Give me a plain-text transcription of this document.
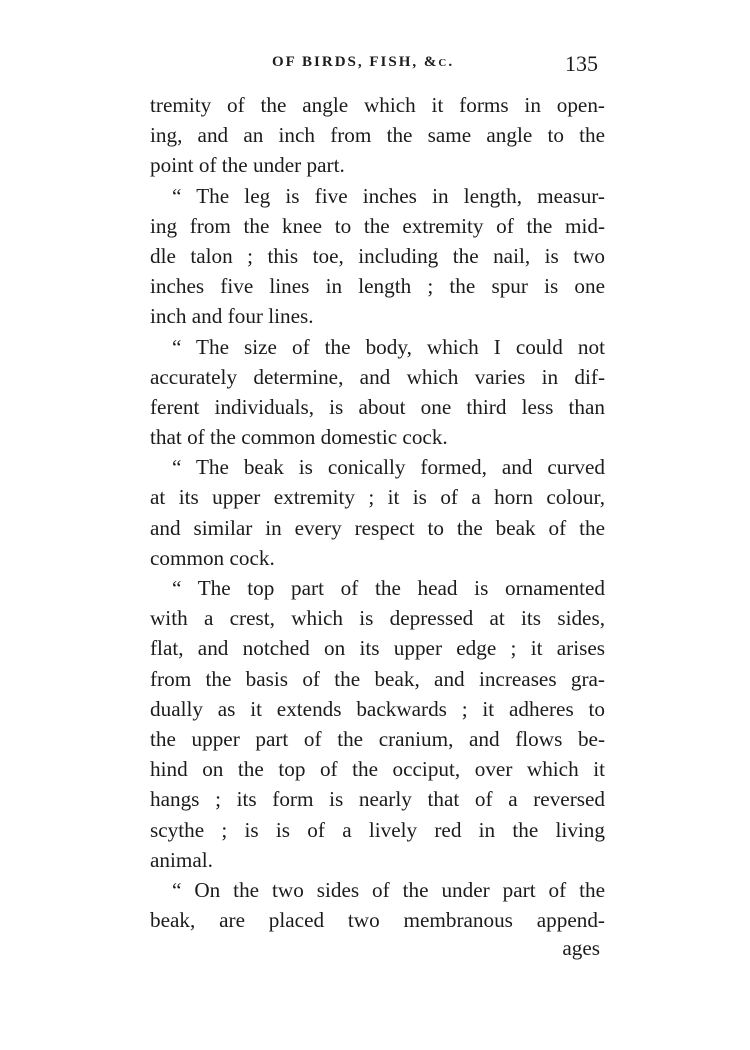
OF BIRDS, FISH, &c.	135
tremity of the angle which it forms in open-
ing, and an inch from the same angle to the
point of the under part.
“ The leg is five inches in length, measur-
ing from the knee to the extremity of the mid-
dle talon ; this toe, including the nail, is two
inches five lines in length ; the spur is one
inch and four lines.
“ The size of the body, which I could not
accurately determine, and which varies in dif-
ferent individuals, is about one third less than
that of the common domestic cock.
“ The beak is conically formed, and curved
at its upper extremity ; it is of a horn colour,
and similar in every respect to the beak of the
common cock.
“ The top part of the head is ornamented
with a crest, which is depressed at its sides,
flat, and notched on its upper edge ; it arises
from the basis of the beak, and increases gra-
dually as it extends backwards ; it adheres to
the upper part of the cranium, and flows be-
hind on the top of the occiput, over which it
hangs ; its form is nearly that of a reversed
scythe ; is is of a lively red in the living
animal.
“ On the two sides of the under part of the
beak, are placed two membranous append-
ages
